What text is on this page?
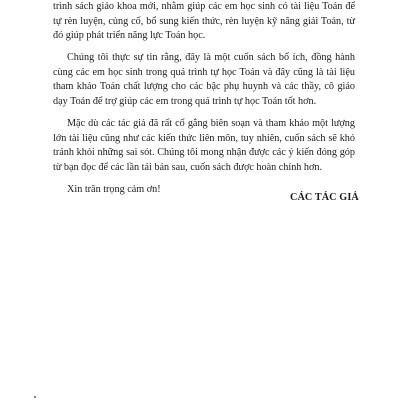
trình sách giáo khoa mới, nhằm giúp các em học sinh có tài liệu Toán để tự rèn luyện, củng cố, bổ sung kiến thức, rèn luyện kỹ năng giải Toán, từ đó giúp phát triển năng lực Toán học.

Chúng tôi thực sự tin rằng, đây là một cuốn sách bổ ích, đồng hành cùng các em học sinh trong quá trình tự học Toán và đây cũng là tài liệu tham khảo Toán chất lượng cho các bậc phụ huynh và các thầy, cô giáo dạy Toán để trợ giúp các em trong quá trình tự học Toán tốt hơn.

Mặc dù các tác giả đã rất cố gắng biên soạn và tham khảo một lượng lớn tài liệu cũng như các kiến thức liên môn, tuy nhiên, cuốn sách sẽ khó tránh khỏi những sai sót. Chúng tôi mong nhận được các ý kiến đóng góp từ bạn đọc để các lần tái bản sau, cuốn sách được hoàn chỉnh hơn.

Xin trân trọng cảm ơn!

CÁC TÁC GIẢ
